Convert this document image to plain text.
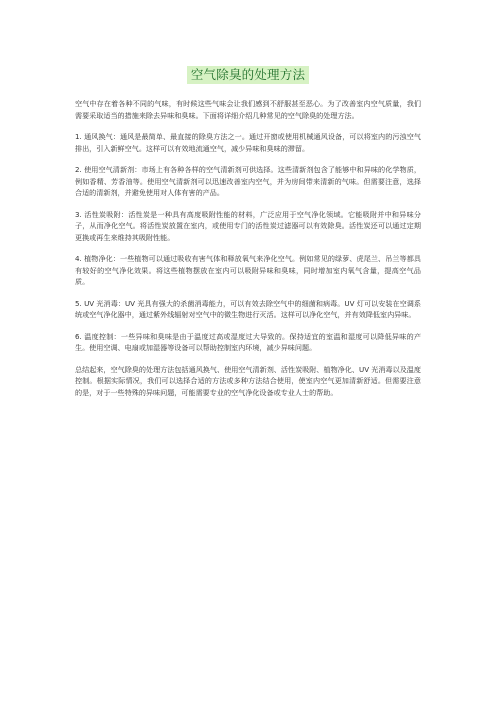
空气除臭的处理方法

空气中存在着各种不同的气味，有时候这些气味会让我们感到不舒服甚至恶心。为了改善室内空气质量，我们需要采取适当的措施来除去异味和臭味。下面将详细介绍几种常见的空气除臭的处理方法。

1. 通风换气：通风是最简单、最直接的除臭方法之一。通过开窗或使用机械通风设备，可以将室内的污浊空气排出，引入新鲜空气。这样可以有效地流通空气，减少异味和臭味的滞留。

2. 使用空气清新剂：市场上有各种各样的空气清新剂可供选择。这些清新剂包含了能够中和异味的化学物质，例如香精、芳香油等。使用空气清新剂可以迅速改善室内空气，并为房间带来清新的气味。但需要注意，选择合适的清新剂，并避免使用对人体有害的产品。

3. 活性炭吸附：活性炭是一种具有高度吸附性能的材料，广泛应用于空气净化领域。它能吸附并中和异味分子，从而净化空气。将活性炭放置在室内，或使用专门的活性炭过滤器可以有效除臭。活性炭还可以通过定期更换或再生来维持其吸附性能。

4. 植物净化：一些植物可以通过吸收有害气体和释放氧气来净化空气。例如常见的绿萝、虎尾兰、吊兰等都具有较好的空气净化效果。将这些植物摆放在室内可以吸附异味和臭味，同时增加室内氧气含量，提高空气品质。

5. UV 光消毒：UV 光具有强大的杀菌消毒能力，可以有效去除空气中的细菌和病毒。UV 灯可以安装在空调系统或空气净化器中，通过紫外线辐射对空气中的微生物进行灭活。这样可以净化空气，并有效降低室内异味。

6. 温度控制：一些异味和臭味是由于温度过高或湿度过大导致的。保持适宜的室温和湿度可以降低异味的产生。使用空调、电扇或加湿器等设备可以帮助控制室内环境，减少异味问题。

总结起来，空气除臭的处理方法包括通风换气、使用空气清新剂、活性炭吸附、植物净化、UV 光消毒以及温度控制。根据实际情况，我们可以选择合适的方法或多种方法结合使用，使室内空气更加清新舒适。但需要注意的是，对于一些特殊的异味问题，可能需要专业的空气净化设备或专业人士的帮助。
